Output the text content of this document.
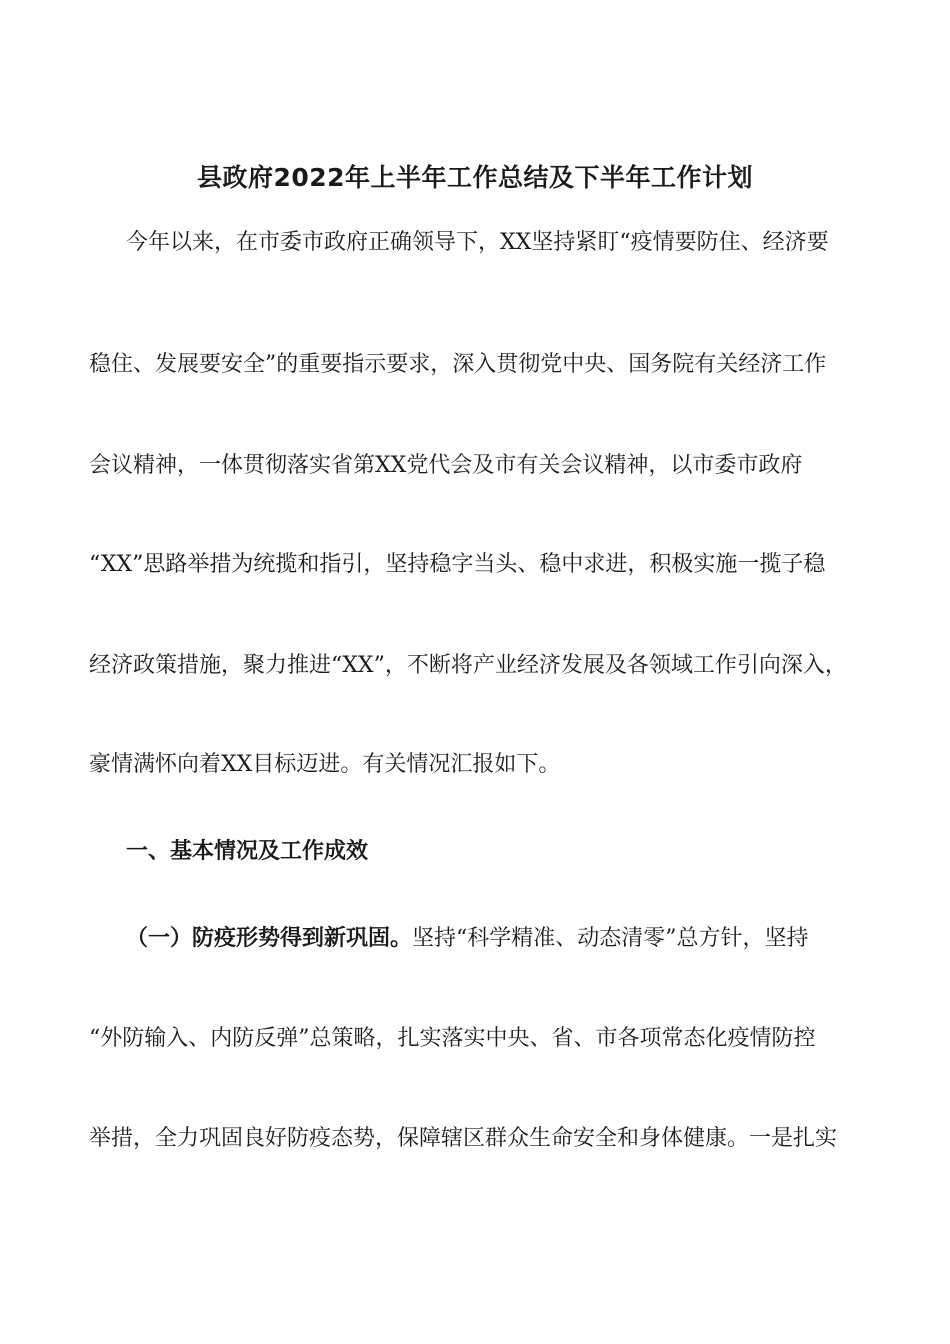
县政府2022年上半年工作总结及下半年工作计划

今年以来，在市委市政府正确领导下，XX坚持紧盯“疫情要防住、经济要

稳住、发展要安全”的重要指示要求，深入贯彻党中央、国务院有关经济工作

会议精神，一体贯彻落实省第XX党代会及市有关会议精神，以市委市政府

“XX”思路举措为统揽和指引，坚持稳字当头、稳中求进，积极实施一揽子稳

经济政策措施，聚力推进“XX”，不断将产业经济发展及各领域工作引向深入，

豪情满怀向着XX目标迈进。有关情况汇报如下。

一、基本情况及工作成效

（一）防疫形势得到新巩固。坚持“科学精准、动态清零”总方针，坚持

“外防输入、内防反弹”总策略，扎实落实中央、省、市各项常态化疫情防控

举措，全力巩固良好防疫态势，保障辖区群众生命安全和身体健康。一是扎实
